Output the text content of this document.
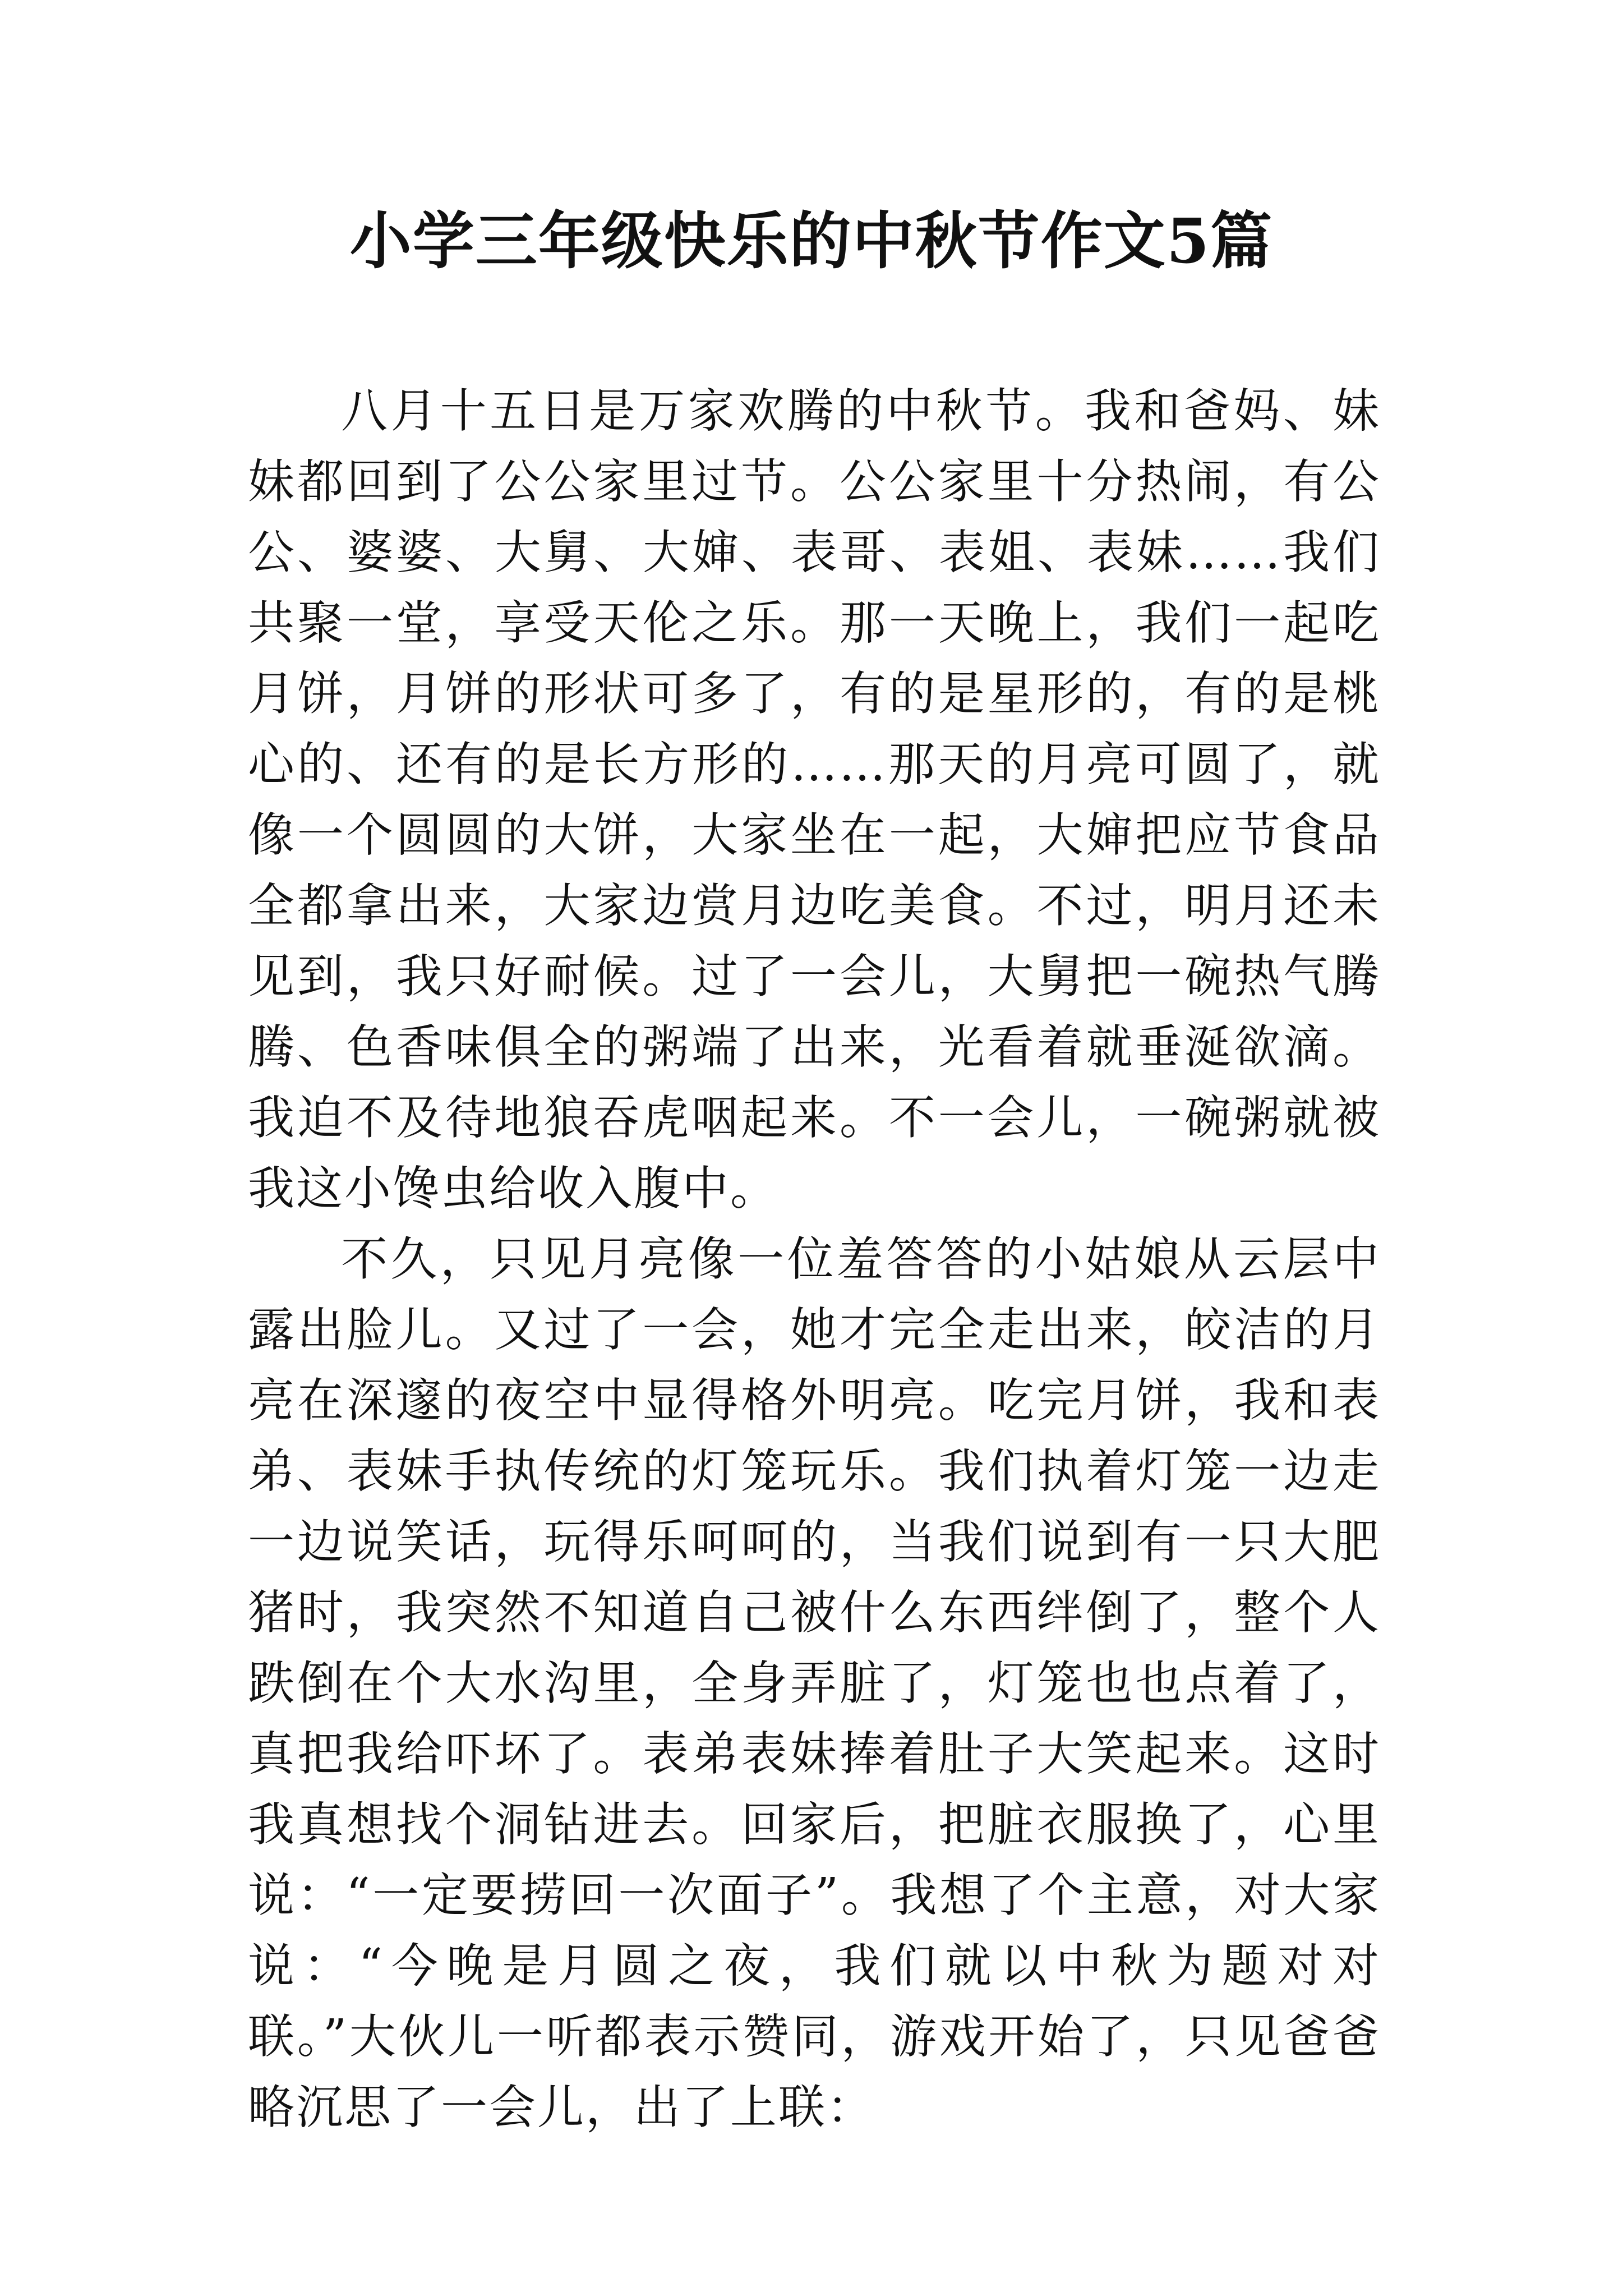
小学三年级快乐的中秋节作文5篇

八月十五日是万家欢腾的中秋节。我和爸妈、妹妹都回到了公公家里过节。公公家里十分热闹，有公公、婆婆、大舅、大婶、表哥、表姐、表妹……我们共聚一堂，享受天伦之乐。那一天晚上，我们一起吃月饼，月饼的形状可多了，有的是星形的，有的是桃心的、还有的是长方形的……那天的月亮可圆了，就像一个圆圆的大饼，大家坐在一起，大婶把应节食品全都拿出来，大家边赏月边吃美食。不过，明月还未见到，我只好耐候。过了一会儿，大舅把一碗热气腾腾、色香味俱全的粥端了出来，光看着就垂涎欲滴。我迫不及待地狼吞虎咽起来。不一会儿，一碗粥就被我这小馋虫给收入腹中。

不久，只见月亮像一位羞答答的小姑娘从云层中露出脸儿。又过了一会，她才完全走出来，皎洁的月亮在深邃的夜空中显得格外明亮。吃完月饼，我和表弟、表妹手执传统的灯笼玩乐。我们执着灯笼一边走一边说笑话，玩得乐呵呵的，当我们说到有一只大肥猪时，我突然不知道自己被什么东西绊倒了，整个人跌倒在个大水沟里，全身弄脏了，灯笼也也点着了，真把我给吓坏了。表弟表妹捧着肚子大笑起来。这时我真想找个洞钻进去。回家后，把脏衣服换了，心里说：“一定要捞回一次面子”。我想了个主意，对大家说：“今晚是月圆之夜，我们就以中秋为题对对联。”大伙儿一听都表示赞同，游戏开始了，只见爸爸略沉思了一会儿，出了上联：
